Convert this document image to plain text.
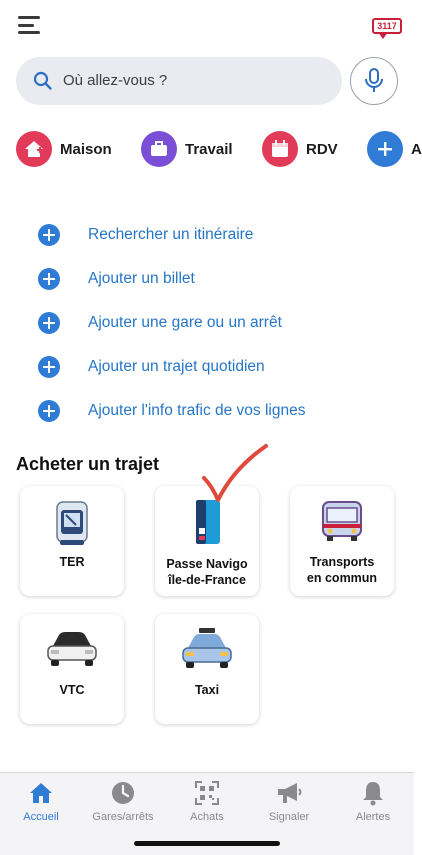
3117
Où allez-vous ?
Maison	Travail	RDV	A
Rechercher un itinéraire
Ajouter un billet
Ajouter une gare ou un arrêt
Ajouter un trajet quotidien
Ajouter l'info trafic de vos lignes
Acheter un trajet
TER	Passe Navigo
île-de-France
Transports
en commun
VTC	Taxi
Accueil	Gares/arrêts	Achats	Signaler	Alertes
